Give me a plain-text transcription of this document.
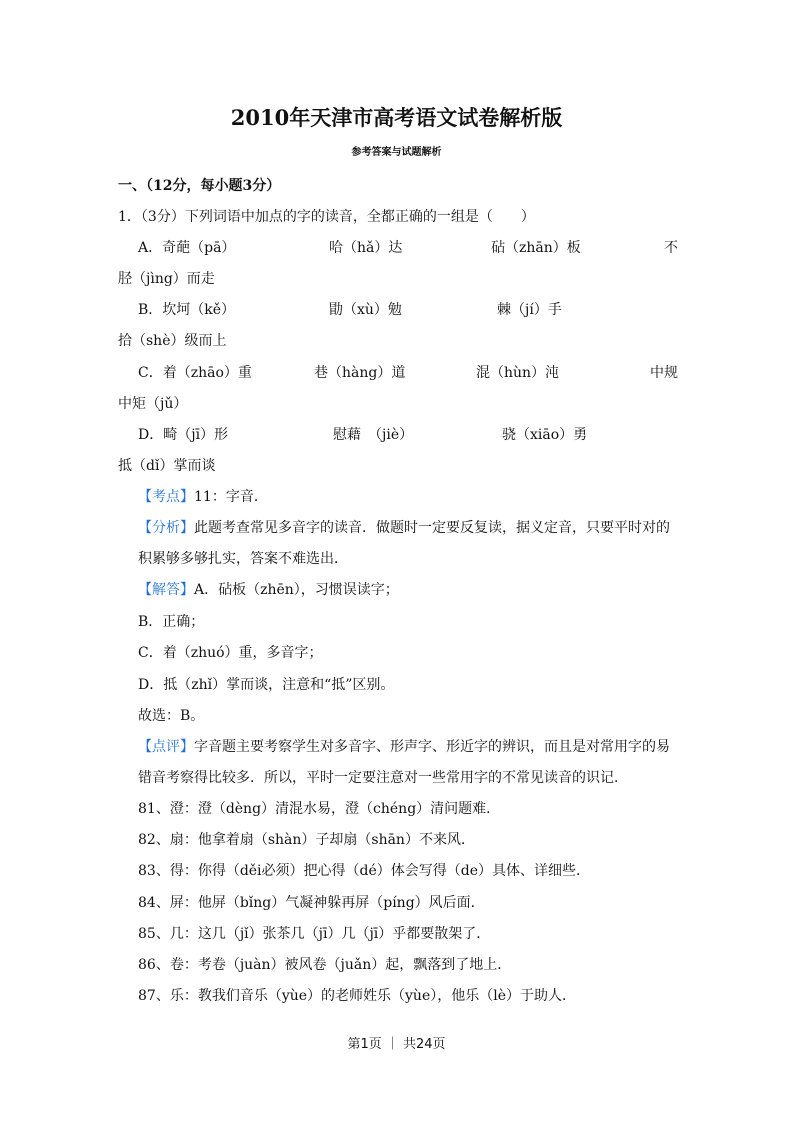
2010年天津市高考语文试卷解析版
参考答案与试题解析
一、（12分，每小题3分）
1．（3分）下列词语中加点的字的读音，全都正确的一组是（　　）
A．奇葩（pā）	哈（hǎ）达	砧（zhān）板	不
胫（jìng）而走
B．坎坷（kě）	勖（xù）勉	棘（jí）手
拾（shè）级而上
C．着（zhāo）重	巷（hàng）道	混（hùn）沌	中规
中矩（jǔ）
D．畸（jī）形	慰藉　（jiè）	骁（xiāo）勇
抵（dǐ）掌而谈
【考点】11：字音．
【分析】此题考查常见多音字的读音．做题时一定要反复读，据义定音，只要平时对的
积累够多够扎实，答案不难选出．
【解答】A．砧板（zhēn），习惯误读字；
B．正确；
C．着（zhuó）重，多音字；
D．抵（zhǐ）掌而谈，注意和“抵”区别。
故选：B。
【点评】字音题主要考察学生对多音字、形声字、形近字的辨识，而且是对常用字的易
错音考察得比较多．所以，平时一定要注意对一些常用字的不常见读音的识记．
81、澄：澄（dèng）清混水易，澄（chéng）清问题难．
82、扇：他拿着扇（shàn）子却扇（shān）不来风．
83、得：你得（děi必须）把心得（dé）体会写得（de）具体、详细些．
84、屏：他屏（bǐng）气凝神躲再屏（píng）风后面．
85、几：这几（jǐ）张茶几（jī）几（jī）乎都要散架了．
86、卷：考卷（juàn）被风卷（juǎn）起，飘落到了地上．
87、乐：教我们音乐（yùe）的老师姓乐（yùe），他乐（lè）于助人．
第1页 ｜ 共24页
